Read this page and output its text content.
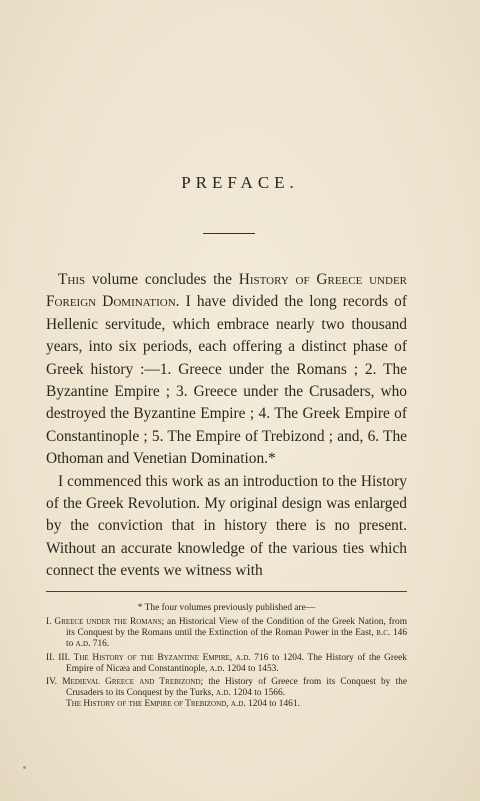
PREFACE.

This volume concludes the History of Greece under Foreign Domination. I have divided the long records of Hellenic servitude, which embrace nearly two thousand years, into six periods, each offering a distinct phase of Greek history :—1. Greece under the Romans ; 2. The Byzantine Empire ; 3. Greece under the Crusaders, who destroyed the Byzantine Empire ; 4. The Greek Empire of Constantinople ; 5. The Empire of Trebizond ; and, 6. The Othoman and Venetian Domination.*

I commenced this work as an introduction to the History of the Greek Revolution. My original design was enlarged by the conviction that in history there is no present. Without an accurate knowledge of the various ties which connect the events we witness with

* The four volumes previously published are—

I. Greece under the Romans; an Historical View of the Condition of the Greek Nation, from its Conquest by the Romans until the Extinction of the Roman Power in the East, b.c. 146 to a.d. 716.

II. III. The History of the Byzantine Empire, a.d. 716 to 1204. The History of the Greek Empire of Nicæa and Constantinople, a.d. 1204 to 1453.

IV. Medieval Greece and Trebizond; the History of Greece from its Conquest by the Crusaders to its Conquest by the Turks, a.d. 1204 to 1566.
The History of the Empire of Trebizond, a.d. 1204 to 1461.
